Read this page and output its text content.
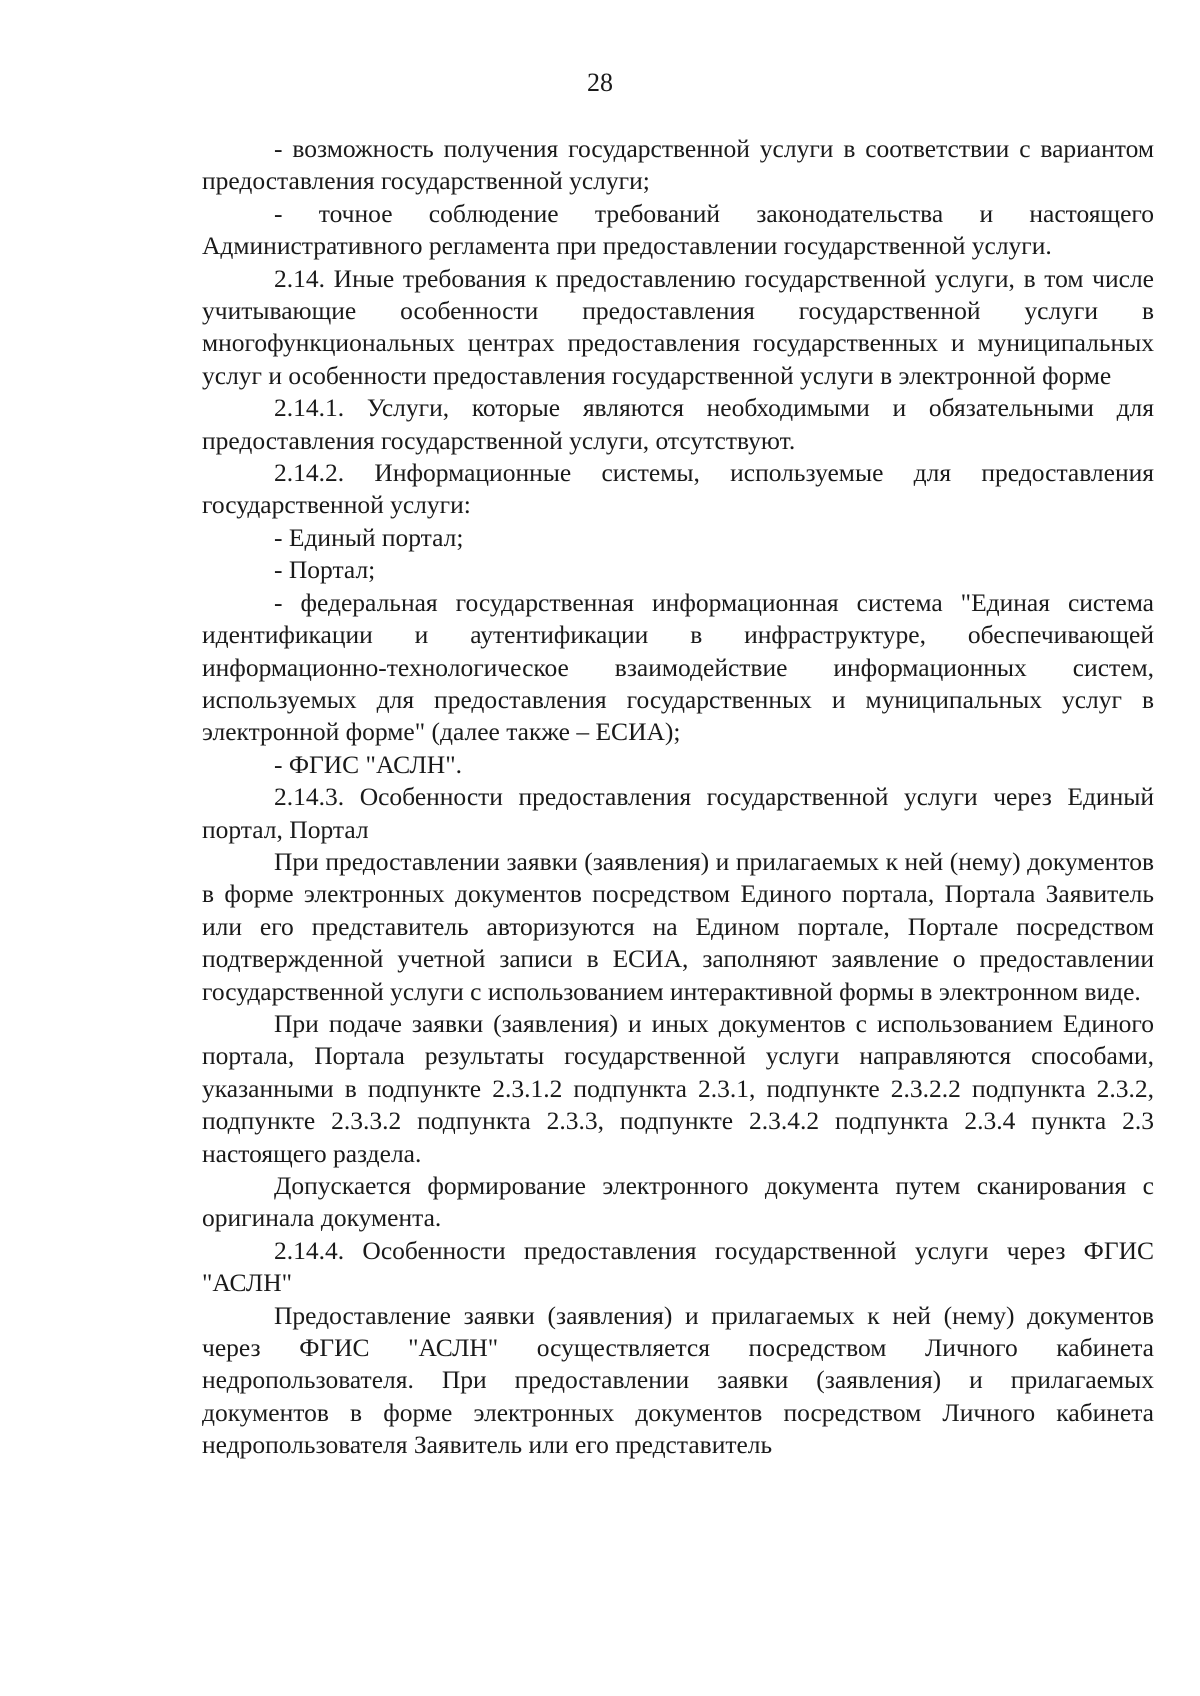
28

- возможность получения государственной услуги в соответствии с вариантом предоставления государственной услуги;

- точное соблюдение требований законодательства и настоящего Административного регламента при предоставлении государственной услуги.

2.14. Иные требования к предоставлению государственной услуги, в том числе учитывающие особенности предоставления государственной услуги в многофункциональных центрах предоставления государственных и муниципальных услуг и особенности предоставления государственной услуги в электронной форме

2.14.1. Услуги, которые являются необходимыми и обязательными для предоставления государственной услуги, отсутствуют.

2.14.2. Информационные системы, используемые для предоставления государственной услуги:

- Единый портал;

- Портал;

- федеральная государственная информационная система "Единая система идентификации и аутентификации в инфраструктуре, обеспечивающей информационно-технологическое взаимодействие информационных систем, используемых для предоставления государственных и муниципальных услуг в электронной форме" (далее также – ЕСИА);

- ФГИС "АСЛН".

2.14.3. Особенности предоставления государственной услуги через Единый портал, Портал

При предоставлении заявки (заявления) и прилагаемых к ней (нему) документов в форме электронных документов посредством Единого портала, Портала Заявитель или его представитель авторизуются на Едином портале, Портале посредством подтвержденной учетной записи в ЕСИА, заполняют заявление о предоставлении государственной услуги с использованием интерактивной формы в электронном виде.

При подаче заявки (заявления) и иных документов с использованием Единого портала, Портала результаты государственной услуги направляются способами, указанными в подпункте 2.3.1.2 подпункта 2.3.1, подпункте 2.3.2.2 подпункта 2.3.2, подпункте 2.3.3.2 подпункта 2.3.3, подпункте 2.3.4.2 подпункта 2.3.4 пункта 2.3 настоящего раздела.

Допускается формирование электронного документа путем сканирования с оригинала документа.

2.14.4. Особенности предоставления государственной услуги через ФГИС "АСЛН"

Предоставление заявки (заявления) и прилагаемых к ней (нему) документов через ФГИС "АСЛН" осуществляется посредством Личного кабинета недропользователя. При предоставлении заявки (заявления) и прилагаемых документов в форме электронных документов посредством Личного кабинета недропользователя Заявитель или его представитель
